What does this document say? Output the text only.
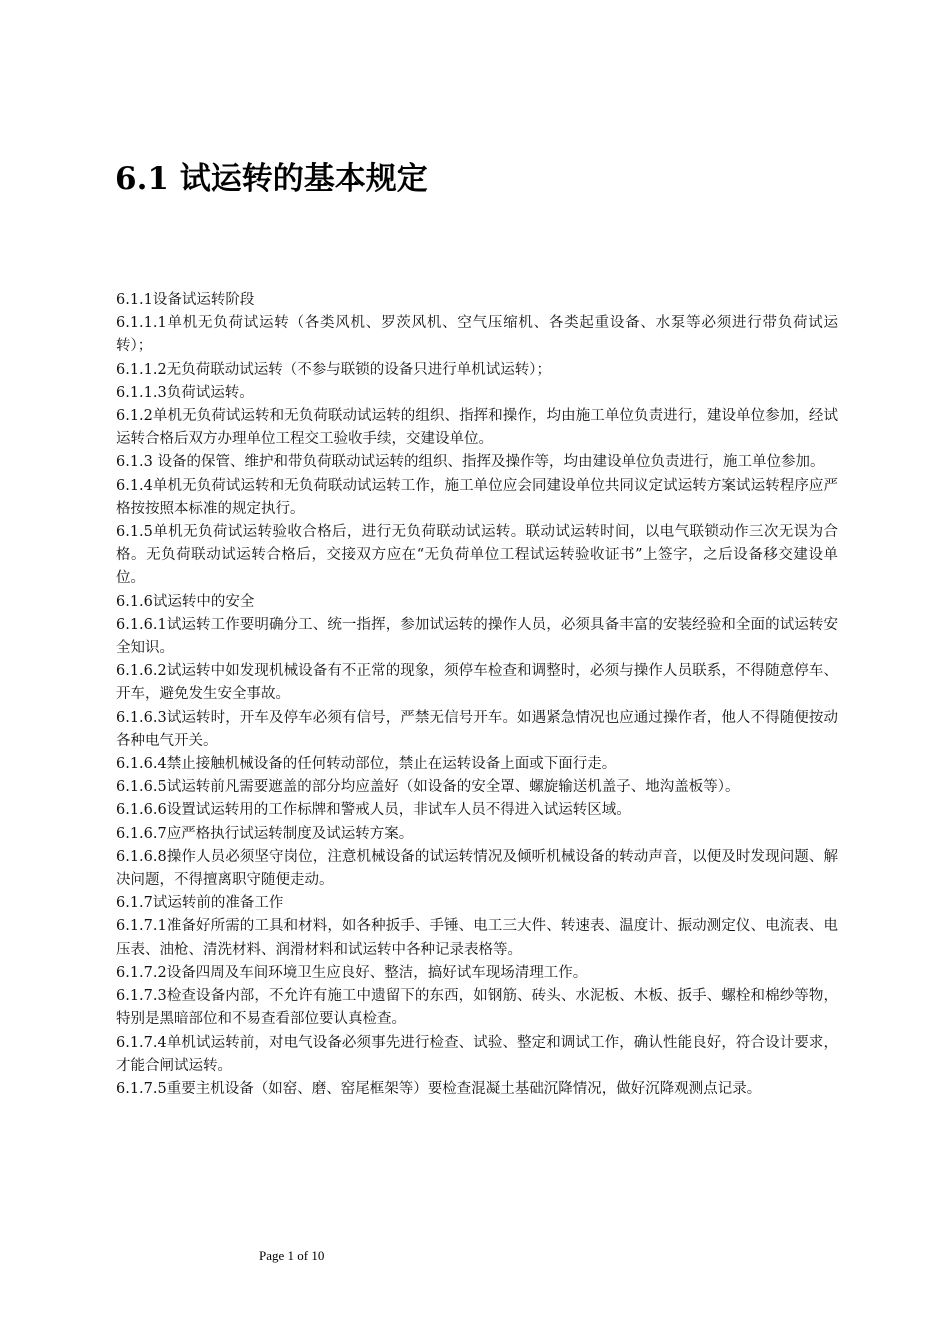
6.1 试运转的基本规定

6.1.1设备试运转阶段

6.1.1.1单机无负荷试运转（各类风机、罗茨风机、空气压缩机、各类起重设备、水泵等必须进行带负荷试运转）；

6.1.1.2无负荷联动试运转（不参与联锁的设备只进行单机试运转）；

6.1.1.3负荷试运转。

6.1.2单机无负荷试运转和无负荷联动试运转的组织、指挥和操作，均由施工单位负责进行，建设单位参加，经试运转合格后双方办理单位工程交工验收手续，交建设单位。

6.1.3 设备的保管、维护和带负荷联动试运转的组织、指挥及操作等，均由建设单位负责进行，施工单位参加。

6.1.4单机无负荷试运转和无负荷联动试运转工作，施工单位应会同建设单位共同议定试运转方案试运转程序应严格按按照本标准的规定执行。

6.1.5单机无负荷试运转验收合格后，进行无负荷联动试运转。联动试运转时间，以电气联锁动作三次无误为合格。无负荷联动试运转合格后，交接双方应在“无负荷单位工程试运转验收证书”上签字，之后设备移交建设单位。

6.1.6试运转中的安全

6.1.6.1试运转工作要明确分工、统一指挥，参加试运转的操作人员，必须具备丰富的安装经验和全面的试运转安全知识。

6.1.6.2试运转中如发现机械设备有不正常的现象，须停车检查和调整时，必须与操作人员联系，不得随意停车、开车，避免发生安全事故。

6.1.6.3试运转时，开车及停车必须有信号，严禁无信号开车。如遇紧急情况也应通过操作者，他人不得随便按动各种电气开关。

6.1.6.4禁止接触机械设备的任何转动部位，禁止在运转设备上面或下面行走。

6.1.6.5试运转前凡需要遮盖的部分均应盖好（如设备的安全罩、螺旋输送机盖子、地沟盖板等）。

6.1.6.6设置试运转用的工作标牌和警戒人员，非试车人员不得进入试运转区域。

6.1.6.7应严格执行试运转制度及试运转方案。

6.1.6.8操作人员必须坚守岗位，注意机械设备的试运转情况及倾听机械设备的转动声音，以便及时发现问题、解决问题，不得擅离职守随便走动。

6.1.7试运转前的准备工作

6.1.7.1准备好所需的工具和材料，如各种扳手、手锤、电工三大件、转速表、温度计、振动测定仪、电流表、电压表、油枪、清洗材料、润滑材料和试运转中各种记录表格等。

6.1.7.2设备四周及车间环境卫生应良好、整洁，搞好试车现场清理工作。

6.1.7.3检查设备内部，不允许有施工中遗留下的东西，如钢筋、砖头、水泥板、木板、扳手、螺栓和棉纱等物，特别是黑暗部位和不易查看部位要认真检查。

6.1.7.4单机试运转前，对电气设备必须事先进行检查、试验、整定和调试工作，确认性能良好，符合设计要求，才能合闸试运转。

6.1.7.5重要主机设备（如窑、磨、窑尾框架等）要检查混凝土基础沉降情况，做好沉降观测点记录。

Page 1 of 10
